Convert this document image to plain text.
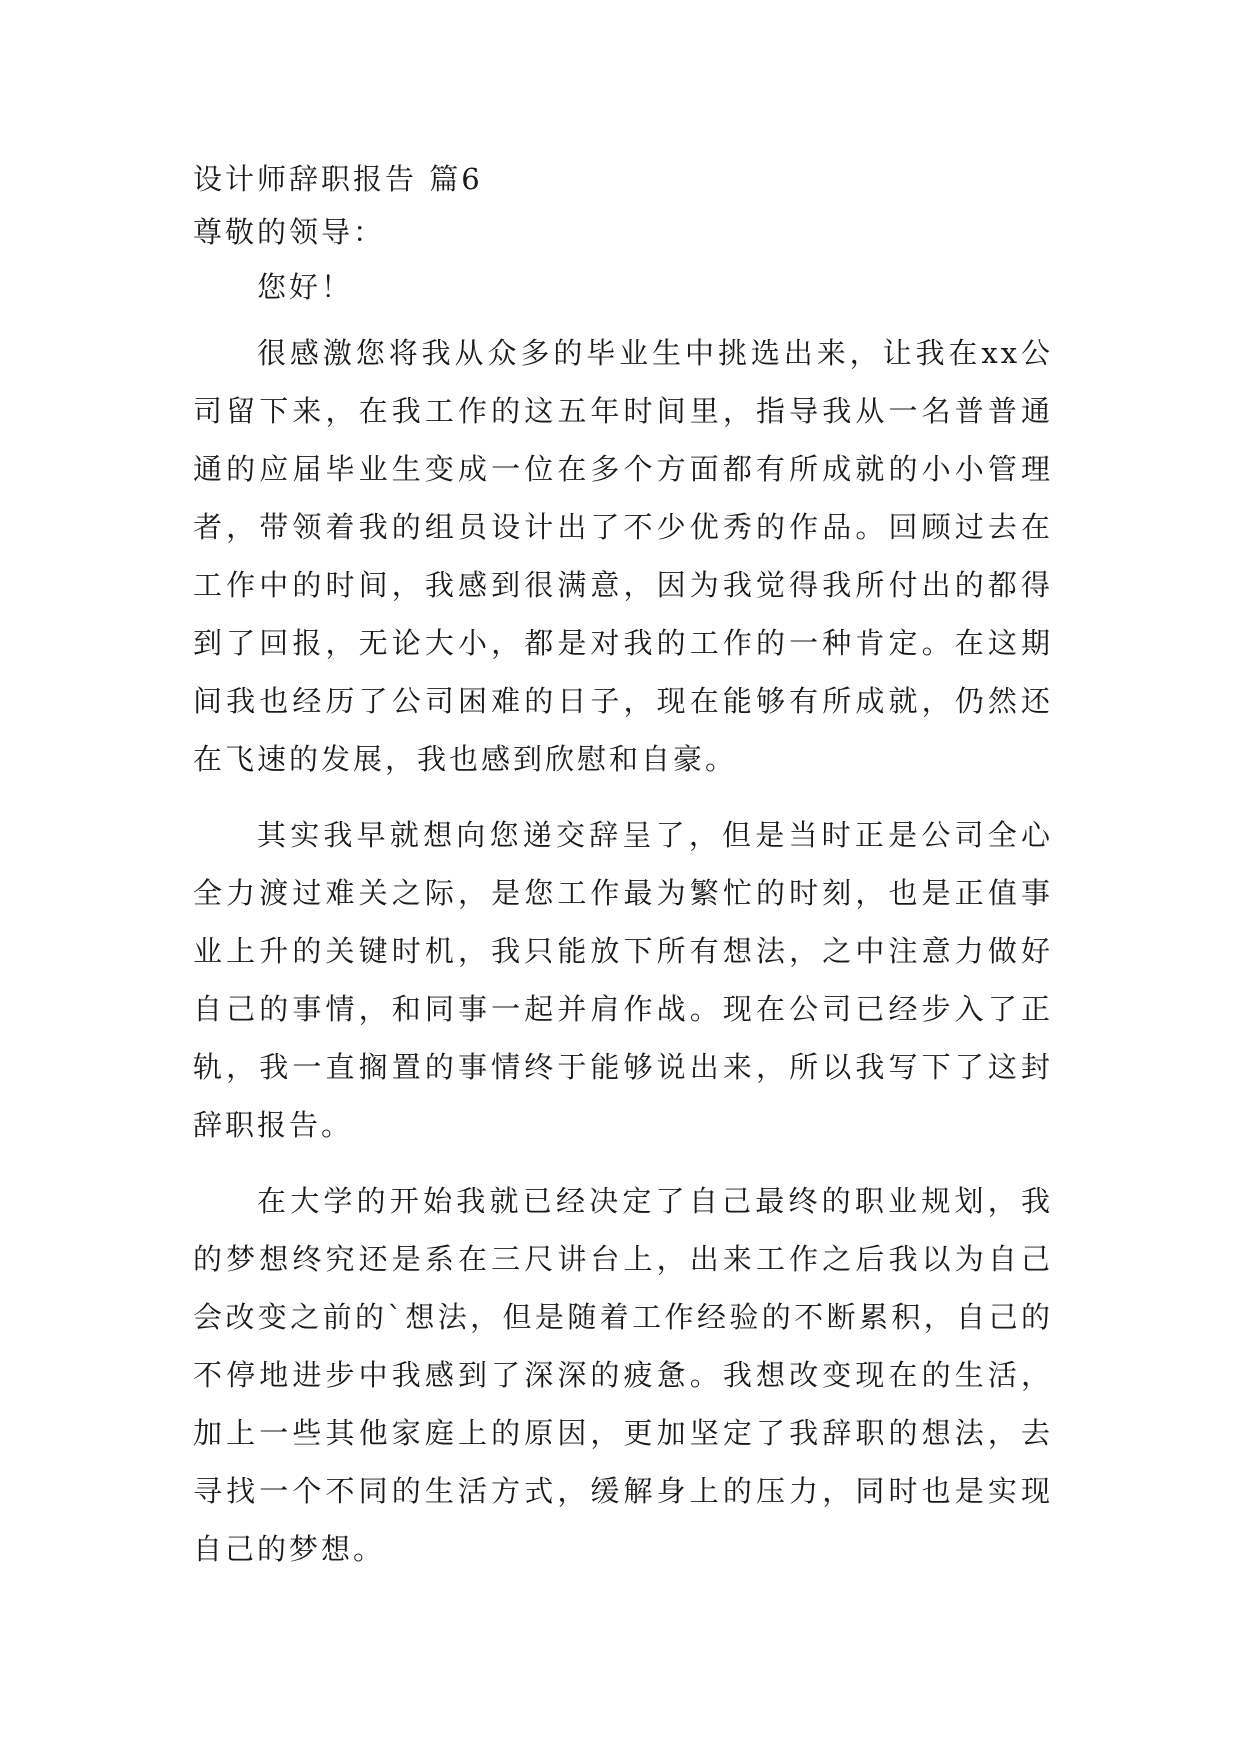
设计师辞职报告 篇6

尊敬的领导：

您好！

很感激您将我从众多的毕业生中挑选出来，让我在xx公司留下来，在我工作的这五年时间里，指导我从一名普普通通的应届毕业生变成一位在多个方面都有所成就的小小管理者，带领着我的组员设计出了不少优秀的作品。回顾过去在工作中的时间，我感到很满意，因为我觉得我所付出的都得到了回报，无论大小，都是对我的工作的一种肯定。在这期间我也经历了公司困难的日子，现在能够有所成就，仍然还在飞速的发展，我也感到欣慰和自豪。

其实我早就想向您递交辞呈了，但是当时正是公司全心全力渡过难关之际，是您工作最为繁忙的时刻，也是正值事业上升的关键时机，我只能放下所有想法，之中注意力做好自己的事情，和同事一起并肩作战。现在公司已经步入了正轨，我一直搁置的事情终于能够说出来，所以我写下了这封辞职报告。

在大学的开始我就已经决定了自己最终的职业规划，我的梦想终究还是系在三尺讲台上，出来工作之后我以为自己会改变之前的`想法，但是随着工作经验的不断累积，自己的不停地进步中我感到了深深的疲惫。我想改变现在的生活，加上一些其他家庭上的原因，更加坚定了我辞职的想法，去寻找一个不同的生活方式，缓解身上的压力，同时也是实现自己的梦想。
